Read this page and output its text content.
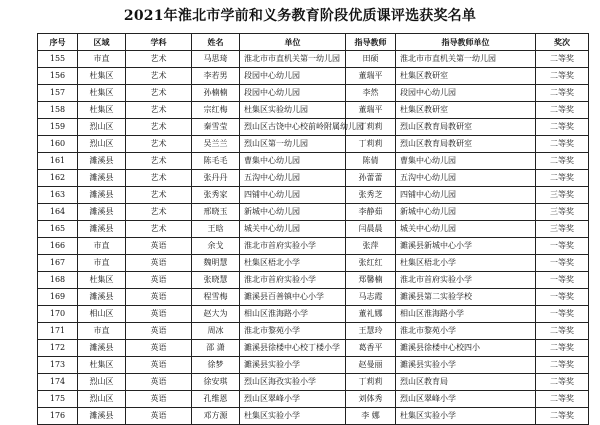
2021年淮北市学前和义务教育阶段优质课评选获奖名单
序号	区域	学科	姓名	单位	指导教师	指导教师单位	奖次
155	市直	艺术	马思琦	淮北市市直机关第一幼儿园	田硕	淮北市市直机关第一幼儿园	二等奖
156	杜集区	艺术	李若男	段园中心幼儿园	董瑞平	杜集区教研室	二等奖
157	杜集区	艺术	孙楠楠	段园中心幼儿园	李然	段园中心幼儿园	二等奖
158	杜集区	艺术	宗红梅	杜集区实验幼儿园	董瑞平	杜集区教研室	二等奖
159	烈山区	艺术	秦雪莹	烈山区古饶中心校前岭附属幼儿园	丁莉莉	烈山区教育局教研室	二等奖
160	烈山区	艺术	吴兰兰	烈山区第一幼儿园	丁莉莉	烈山区教育局教研室	二等奖
161	濉溪县	艺术	陈毛毛	曹集中心幼儿园	陈倩	曹集中心幼儿园	二等奖
162	濉溪县	艺术	张丹丹	五沟中心幼儿园	孙蕾蕾	五沟中心幼儿园	二等奖
163	濉溪县	艺术	张秀家	四铺中心幼儿园	张秀芝	四铺中心幼儿园	三等奖
164	濉溪县	艺术	邢晓玉	新城中心幼儿园	李静茹	新城中心幼儿园	三等奖
165	濉溪县	艺术	王晗	城关中心幼儿园	闫晨晨	城关中心幼儿园	三等奖
166	市直	英语	余戈	淮北市首府实验小学	张萍	濉溪县新城中心小学	一等奖
167	市直	英语	魏明慧	杜集区梧北小学	张红红	杜集区梧北小学	一等奖
168	杜集区	英语	张晓慧	淮北市首府实验小学	郑馨楠	淮北市首府实验小学	一等奖
169	濉溪县	英语	程雪梅	濉溪县百善镇中心小学	马志霞	濉溪县第二实验学校	一等奖
170	相山区	英语	赵大为	相山区淮海路小学	董礼娜	相山区淮海路小学	一等奖
171	市直	英语	周冰	淮北市黎苑小学	王慧玲	淮北市黎苑小学	二等奖
172	濉溪县	英语	邵 潇	濉溪县徐楼中心校丁楼小学	葛香平	濉溪县徐楼中心校四小	二等奖
173	杜集区	英语	徐梦	濉溪县实验小学	赵曼丽	濉溪县实验小学	二等奖
174	烈山区	英语	徐安琪	烈山区海孜实验小学	丁莉莉	烈山区教育局	二等奖
175	烈山区	英语	孔维恩	烈山区翠峰小学	刘体秀	烈山区翠峰小学	二等奖
176	濉溪县	英语	邓方源	杜集区实验小学	李 娜	杜集区实验小学	二等奖
